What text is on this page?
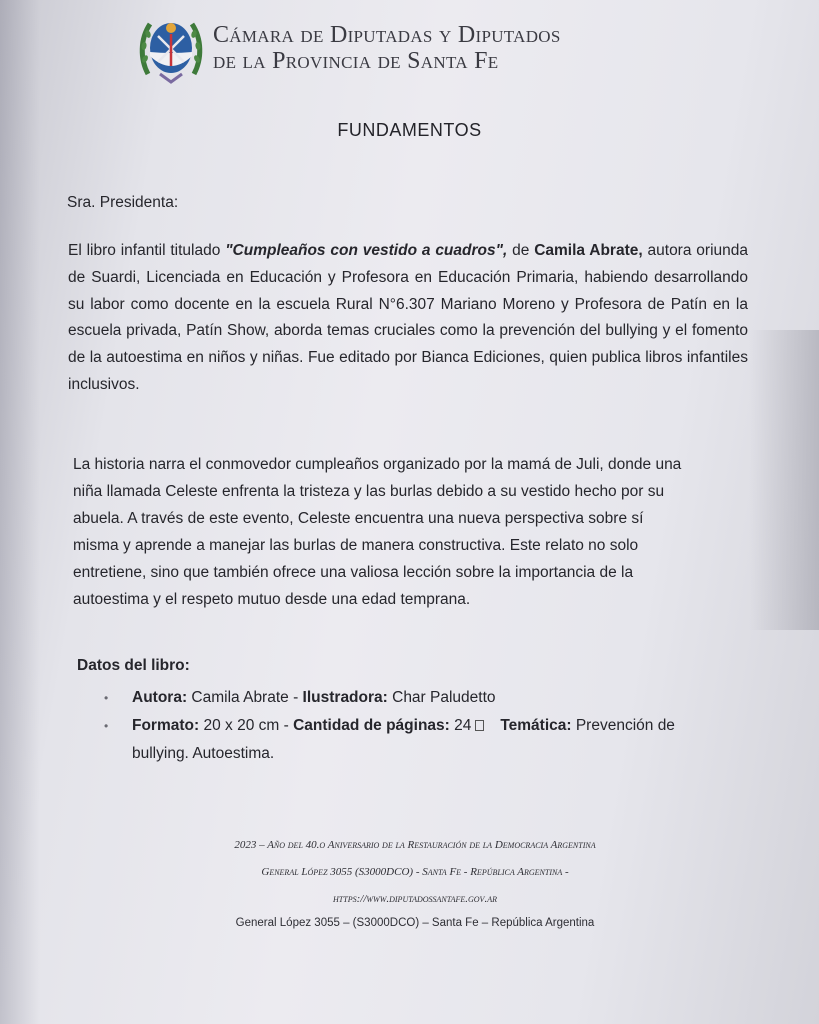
Cámara de Diputadas y Diputados
de la Provincia de Santa Fe
FUNDAMENTOS
Sra. Presidenta:
El libro infantil titulado "Cumpleaños con vestido a cuadros", de Camila Abrate, autora oriunda de Suardi, Licenciada en Educación y Profesora en Educación Primaria, habiendo desarrollando su labor como docente en la escuela Rural N°6.307 Mariano Moreno y Profesora de Patín en la escuela privada, Patín Show, aborda temas cruciales como la prevención del bullying y el fomento de la autoestima en niños y niñas. Fue editado por Bianca Ediciones, quien publica libros infantiles inclusivos.
La historia narra el conmovedor cumpleaños organizado por la mamá de Juli, donde una
niña llamada Celeste enfrenta la tristeza y las burlas debido a su vestido hecho por su
abuela. A través de este evento, Celeste encuentra una nueva perspectiva sobre sí
misma y aprende a manejar las burlas de manera constructiva. Este relato no solo
entretiene, sino que también ofrece una valiosa lección sobre la importancia de la
autoestima y el respeto mutuo desde una edad temprana.
Datos del libro:
• Autora: Camila Abrate - Ilustradora: Char Paludetto
• Formato: 20 x 20 cm - Cantidad de páginas: 24 Temática: Prevención de
bullying. Autoestima.
2023 – Año del 40.o Aniversario de la Restauración de la Democracia Argentina
General López 3055 (S3000DCO) - Santa Fe - República Argentina -
https://www.diputadossantafe.gov.ar
General López 3055 – (S3000DCO) – Santa Fe – República Argentina
